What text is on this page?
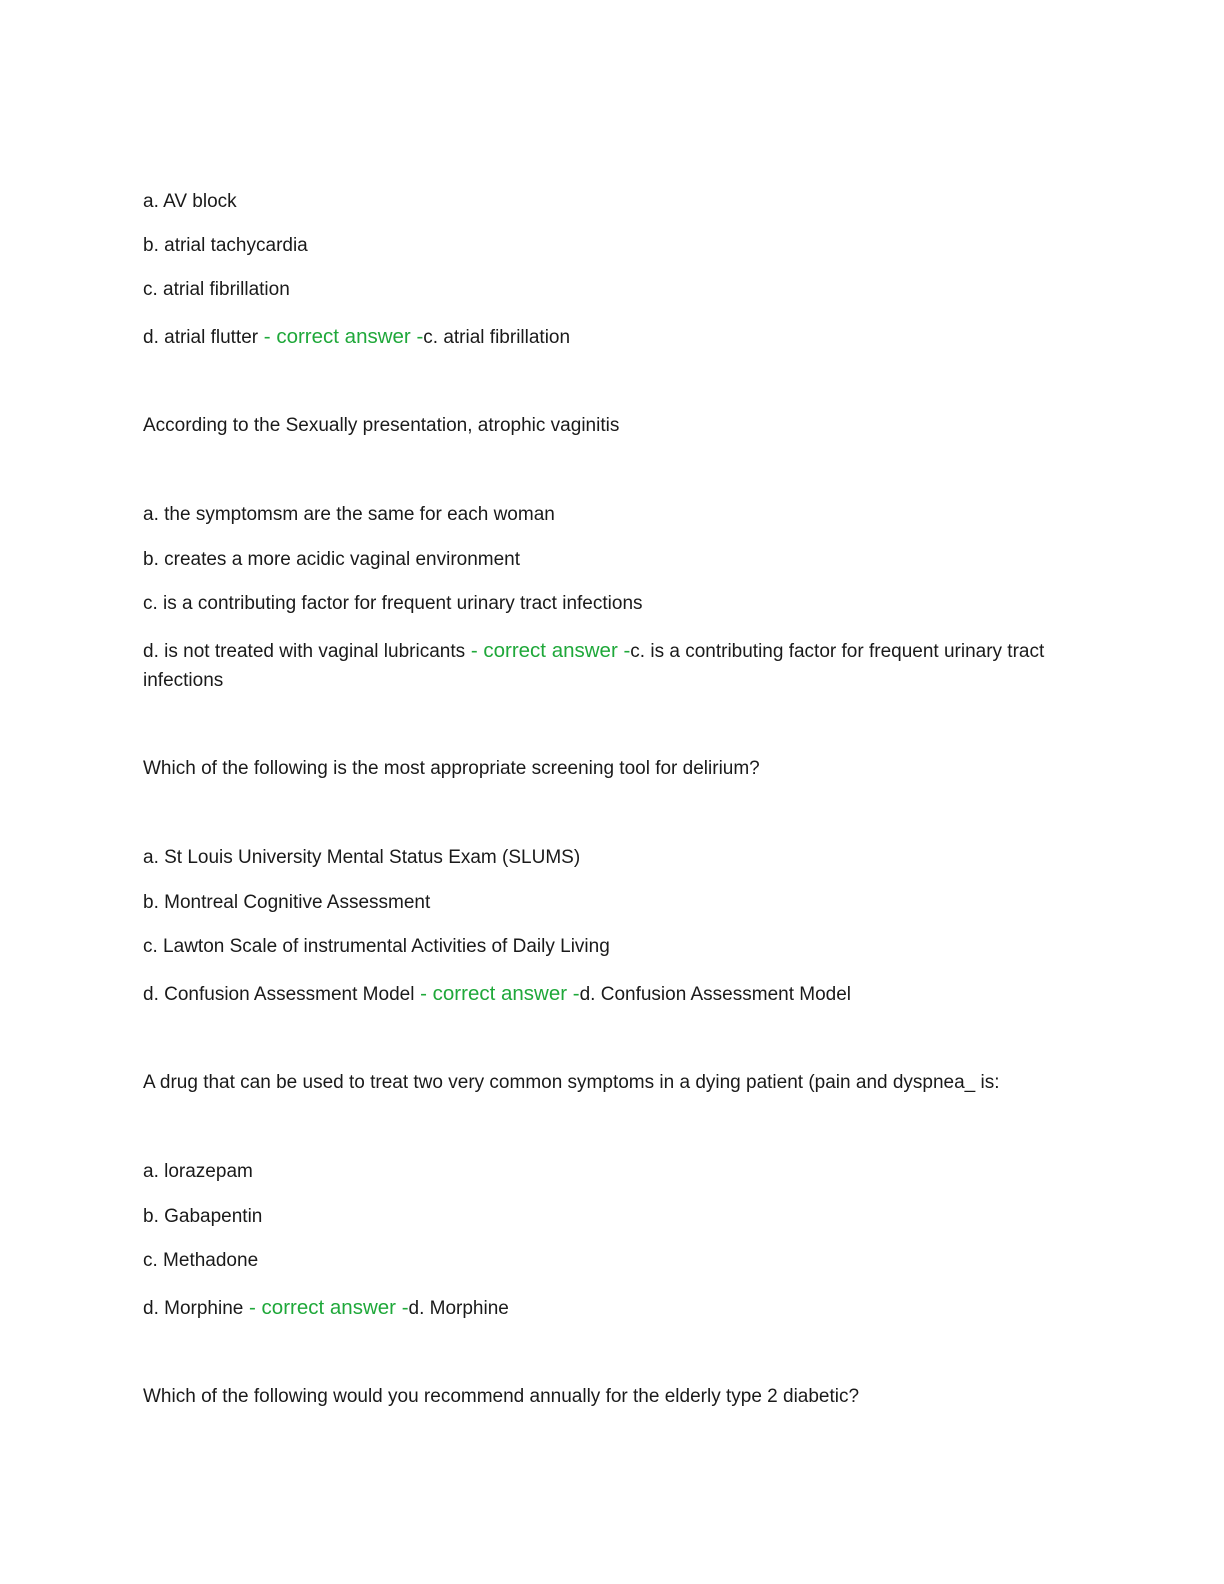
a. AV block

b. atrial tachycardia

c. atrial fibrillation

d. atrial flutter - correct answer -c. atrial fibrillation

According to the Sexually presentation, atrophic vaginitis

a. the symptomsm are the same for each woman

b. creates a more acidic vaginal environment

c. is a contributing factor for frequent urinary tract infections

d. is not treated with vaginal lubricants - correct answer -c. is a contributing factor for frequent urinary tract infections

Which of the following is the most appropriate screening tool for delirium?

a. St Louis University Mental Status Exam (SLUMS)

b. Montreal Cognitive Assessment

c. Lawton Scale of instrumental Activities of Daily Living

d. Confusion Assessment Model - correct answer -d. Confusion Assessment Model

A drug that can be used to treat two very common symptoms in a dying patient (pain and dyspnea_ is:

a. lorazepam

b. Gabapentin

c. Methadone

d. Morphine - correct answer -d. Morphine

Which of the following would you recommend annually for the elderly type 2 diabetic?
